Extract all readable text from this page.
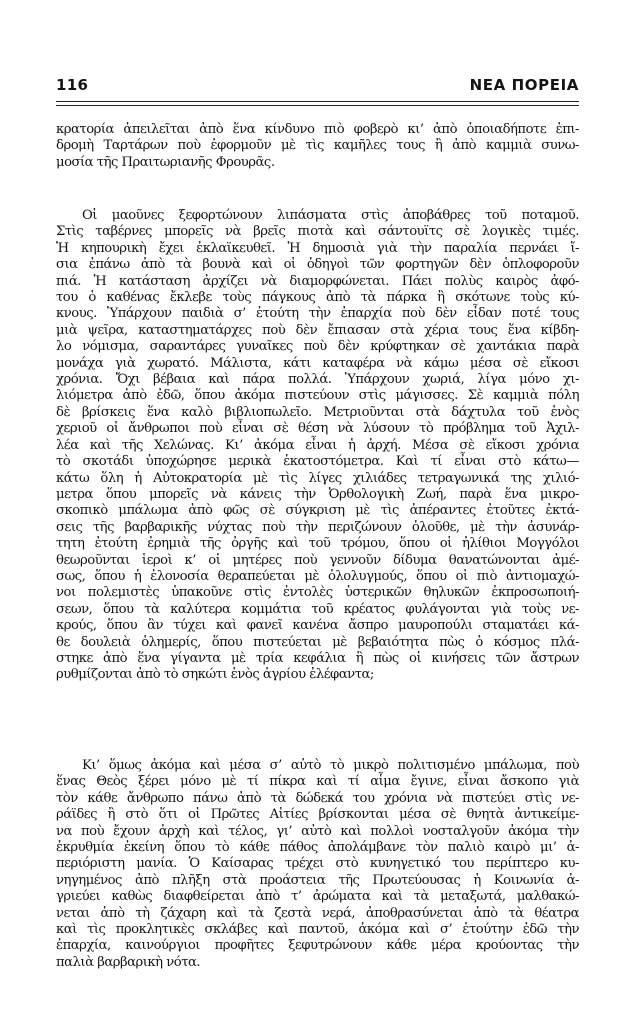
116	ΝΕΑ ΠΟΡΕΙΑ

κρατορία ἀπειλεῖται ἀπὸ ἕνα κίνδυνο πιὸ φοβερὸ κι’ ἀπὸ ὁποιαδήποτε ἐπι-

δρομὴ Ταρτάρων ποὺ ἐφορμοῦν μὲ τὶς καμῆλες τους ἢ ἀπὸ καμμιὰ συνω-

μοσία τῆς Πραιτωριανῆς Φρουρᾶς.

Οἱ μαοῦνες ξεφορτώνουν λιπάσματα στὶς ἀποβάθρες τοῦ ποταμοῦ.

Στὶς ταβέρνες μπορεῖς νὰ βρεῖς πιοτὰ καὶ σάντουϊτς σὲ λογικὲς τιμές.

Ἡ κηπουρικὴ ἔχει ἐκλαϊκευθεῖ. Ἡ δημοσιὰ γιὰ τὴν παραλία περνάει ἴ-

σια ἐπάνω ἀπὸ τὰ βουνὰ καὶ οἱ ὁδηγοὶ τῶν φορτηγῶν δὲν ὁπλοφοροῦν

πιά. Ἡ κατάσταση ἀρχίζει νὰ διαμορφώνεται. Πάει πολὺς καιρὸς ἀφό-

του ὁ καθένας ἔκλεβε τοὺς πάγκους ἀπὸ τὰ πάρκα ἢ σκότωνε τοὺς κύ-

κνους. Ὑπάρχουν παιδιὰ σ’ ἐτούτη τὴν ἐπαρχία ποὺ δὲν εἶδαν ποτέ τους

μιὰ ψεῖρα, καταστηματάρχες ποὺ δὲν ἔπιασαν στὰ χέρια τους ἕνα κίβδη-

λο νόμισμα, σαραντάρες γυναῖκες ποὺ δὲν κρύφτηκαν σὲ χαντάκια παρὰ

μονάχα γιὰ χωρατό. Μάλιστα, κάτι καταφέρα νὰ κάμω μέσα σὲ εἴκοσι

χρόνια. Ὄχι βέβαια καὶ πάρα πολλά. Ὑπάρχουν χωριά, λίγα μόνο χι-

λιόμετρα ἀπὸ ἐδῶ, ὅπου ἀκόμα πιστεύουν στὶς μάγισσες. Σὲ καμμιὰ πόλη

δὲ βρίσκεις ἕνα καλὸ βιβλιοπωλεῖο. Μετριοῦνται στὰ δάχτυλα τοῦ ἑνὸς

χεριοῦ οἱ ἄνθρωποι ποὺ εἶναι σὲ θέση νὰ λύσουν τὸ πρόβλημα τοῦ Ἀχιλ-

λέα καὶ τῆς Χελώνας. Κι’ ἀκόμα εἶναι ἡ ἀρχή. Μέσα σὲ εἴκοσι χρόνια

τὸ σκοτάδι ὑποχώρησε μερικὰ ἑκατοστόμετρα. Καὶ τί εἶναι στὸ κάτω—

κάτω ὅλη ἡ Αὐτοκρατορία μὲ τὶς λίγες χιλιάδες τετραγωνικά της χιλιό-

μετρα ὅπου μπορεῖς νὰ κάνεις τὴν Ὀρθολογικὴ Ζωή, παρὰ ἕνα μικρο-

σκοπικὸ μπάλωμα ἀπὸ φῶς σὲ σύγκριση μὲ τὶς ἀπέραντες ἐτοῦτες ἐκτά-

σεις τῆς βαρβαρικῆς νύχτας ποὺ τὴν περιζώνουν ὁλοῦθε, μὲ τὴν ἀσυνάρ-

τητη ἐτούτη ἐρημιὰ τῆς ὀργῆς καὶ τοῦ τρόμου, ὅπου οἱ ἠλίθιοι Μογγόλοι

θεωροῦνται ἱεροὶ κ’ οἱ μητέρες ποὺ γεννοῦν δίδυμα θανατώνονται ἀμέ-

σως, ὅπου ἡ ἑλονοσία θεραπεύεται μὲ ὁλολυγμούς, ὅπου οἱ πιὸ ἀντιομαχώ-

νοι πολεμιστὲς ὑπακοῦνε στὶς ἐντολὲς ὑστερικῶν θηλυκῶν ἐκπροσωποιή-

σεων, ὅπου τὰ καλύτερα κομμάτια τοῦ κρέατος φυλάγονται γιὰ τοὺς νε-

κρούς, ὅπου ἂν τύχει καὶ φανεῖ κανένα ἄσπρο μαυροπούλι σταματάει κά-

θε δουλειὰ ὁλημερίς, ὅπου πιστεύεται μὲ βεβαιότητα πὼς ὁ κόσμος πλά-

στηκε ἀπὸ ἕνα γίγαντα μὲ τρία κεφάλια ἢ πὼς οἱ κινήσεις τῶν ἄστρων

ρυθμίζονται ἀπὸ τὸ σηκώτι ἑνὸς ἀγρίου ἐλέφαντα;

Κι’ ὅμως ἀκόμα καὶ μέσα σ’ αὐτὸ τὸ μικρὸ πολιτισμένο μπάλωμα, ποὺ

ἕνας Θεὸς ξέρει μόνο μὲ τί πίκρα καὶ τί αἷμα ἔγινε, εἶναι ἄσκοπο γιὰ

τὸν κάθε ἄνθρωπο πάνω ἀπὸ τὰ δώδεκά του χρόνια νὰ πιστεύει στὶς νε-

ράϊδες ἢ στὸ ὅτι οἱ Πρῶτες Αἰτίες βρίσκονται μέσα σὲ θνητὰ ἀντικείμε-

να ποὺ ἔχουν ἀρχὴ καὶ τέλος, γι’ αὐτὸ καὶ πολλοὶ νοσταλγοῦν ἀκόμα τὴν

ἐκρυθμία ἐκείνη ὅπου τὸ κάθε πάθος ἀπολάμβανε τὸν παλιὸ καιρὸ μι’ ἀ-

περιόριστη μανία. Ὁ Καίσαρας τρέχει στὸ κυνηγετικό του περίπτερο κυ-

νηγημένος ἀπὸ πλῆξη στὰ προάστεια τῆς Πρωτεύουσας ἡ Κοινωνία ἀ-

γριεύει καθὼς διαφθείρεται ἀπὸ τ’ ἀρώματα καὶ τὰ μεταξωτά, μαλθακώ-

νεται ἀπὸ τὴ ζάχαρη καὶ τὰ ζεστὰ νερά, ἀποθρασύνεται ἀπὸ τὰ θέατρα

καὶ τὶς προκλητικὲς σκλάβες καὶ παντοῦ, ἀκόμα καὶ σ’ ἐτούτην ἐδῶ τὴν

ἐπαρχία, καινούργιοι προφῆτες ξεφυτρώνουν κάθε μέρα κρούοντας τὴν

παλιὰ βαρβαρικὴ νότα.
